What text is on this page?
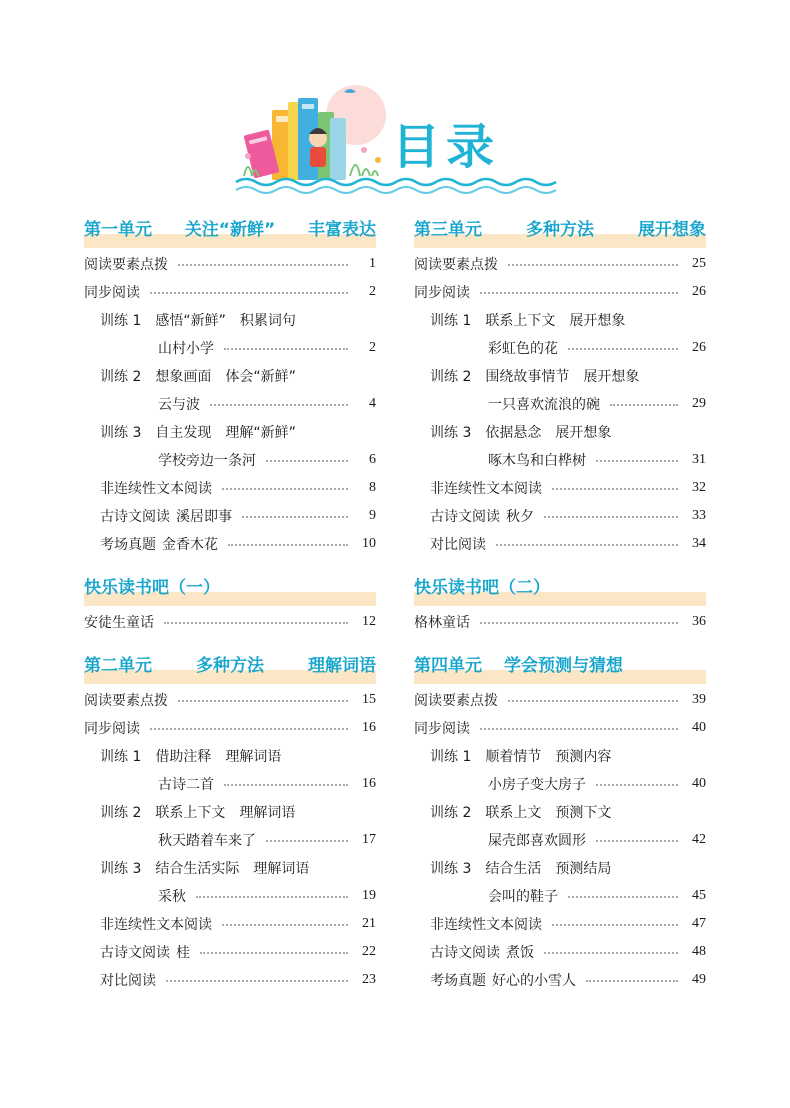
目录
第一单元 关注“新鲜” 丰富表达
阅读要素点拨	1
同步阅读	2
训练 1　感悟“新鲜”　积累词句
山村小学	2
训练 2　想象画面　体会“新鲜”
云与波	4
训练 3　自主发现　理解“新鲜”
学校旁边一条河	6
非连续性文本阅读	8
古诗文阅读 溪居即事	9
考场真题 金香木花	10
快乐读书吧（一）
安徒生童话	12
第二单元	多种方法	理解词语
阅读要素点拨	15
同步阅读	16
训练 1　借助注释　理解词语
古诗二首	16
训练 2　联系上下文　理解词语
秋天踏着车来了	17
训练 3　结合生活实际　理解词语
采秋	19
非连续性文本阅读	21
古诗文阅读 桂	22
对比阅读	23
第三单元	多种方法	展开想象
阅读要素点拨	25
同步阅读	26
训练 1　联系上下文　展开想象
彩虹色的花	26
训练 2　围绕故事情节　展开想象
一只喜欢流浪的碗	29
训练 3　依据悬念　展开想象
啄木鸟和白桦树	31
非连续性文本阅读	32
古诗文阅读 秋夕	33
对比阅读	34
快乐读书吧（二）
格林童话	36
第四单元 学会预测与猜想
阅读要素点拨	39
同步阅读	40
训练 1　顺着情节　预测内容
小房子变大房子	40
训练 2　联系上文　预测下文
屎壳郎喜欢圆形	42
训练 3　结合生活　预测结局
会叫的鞋子	45
非连续性文本阅读	47
古诗文阅读 煮饭	48
考场真题 好心的小雪人	49
